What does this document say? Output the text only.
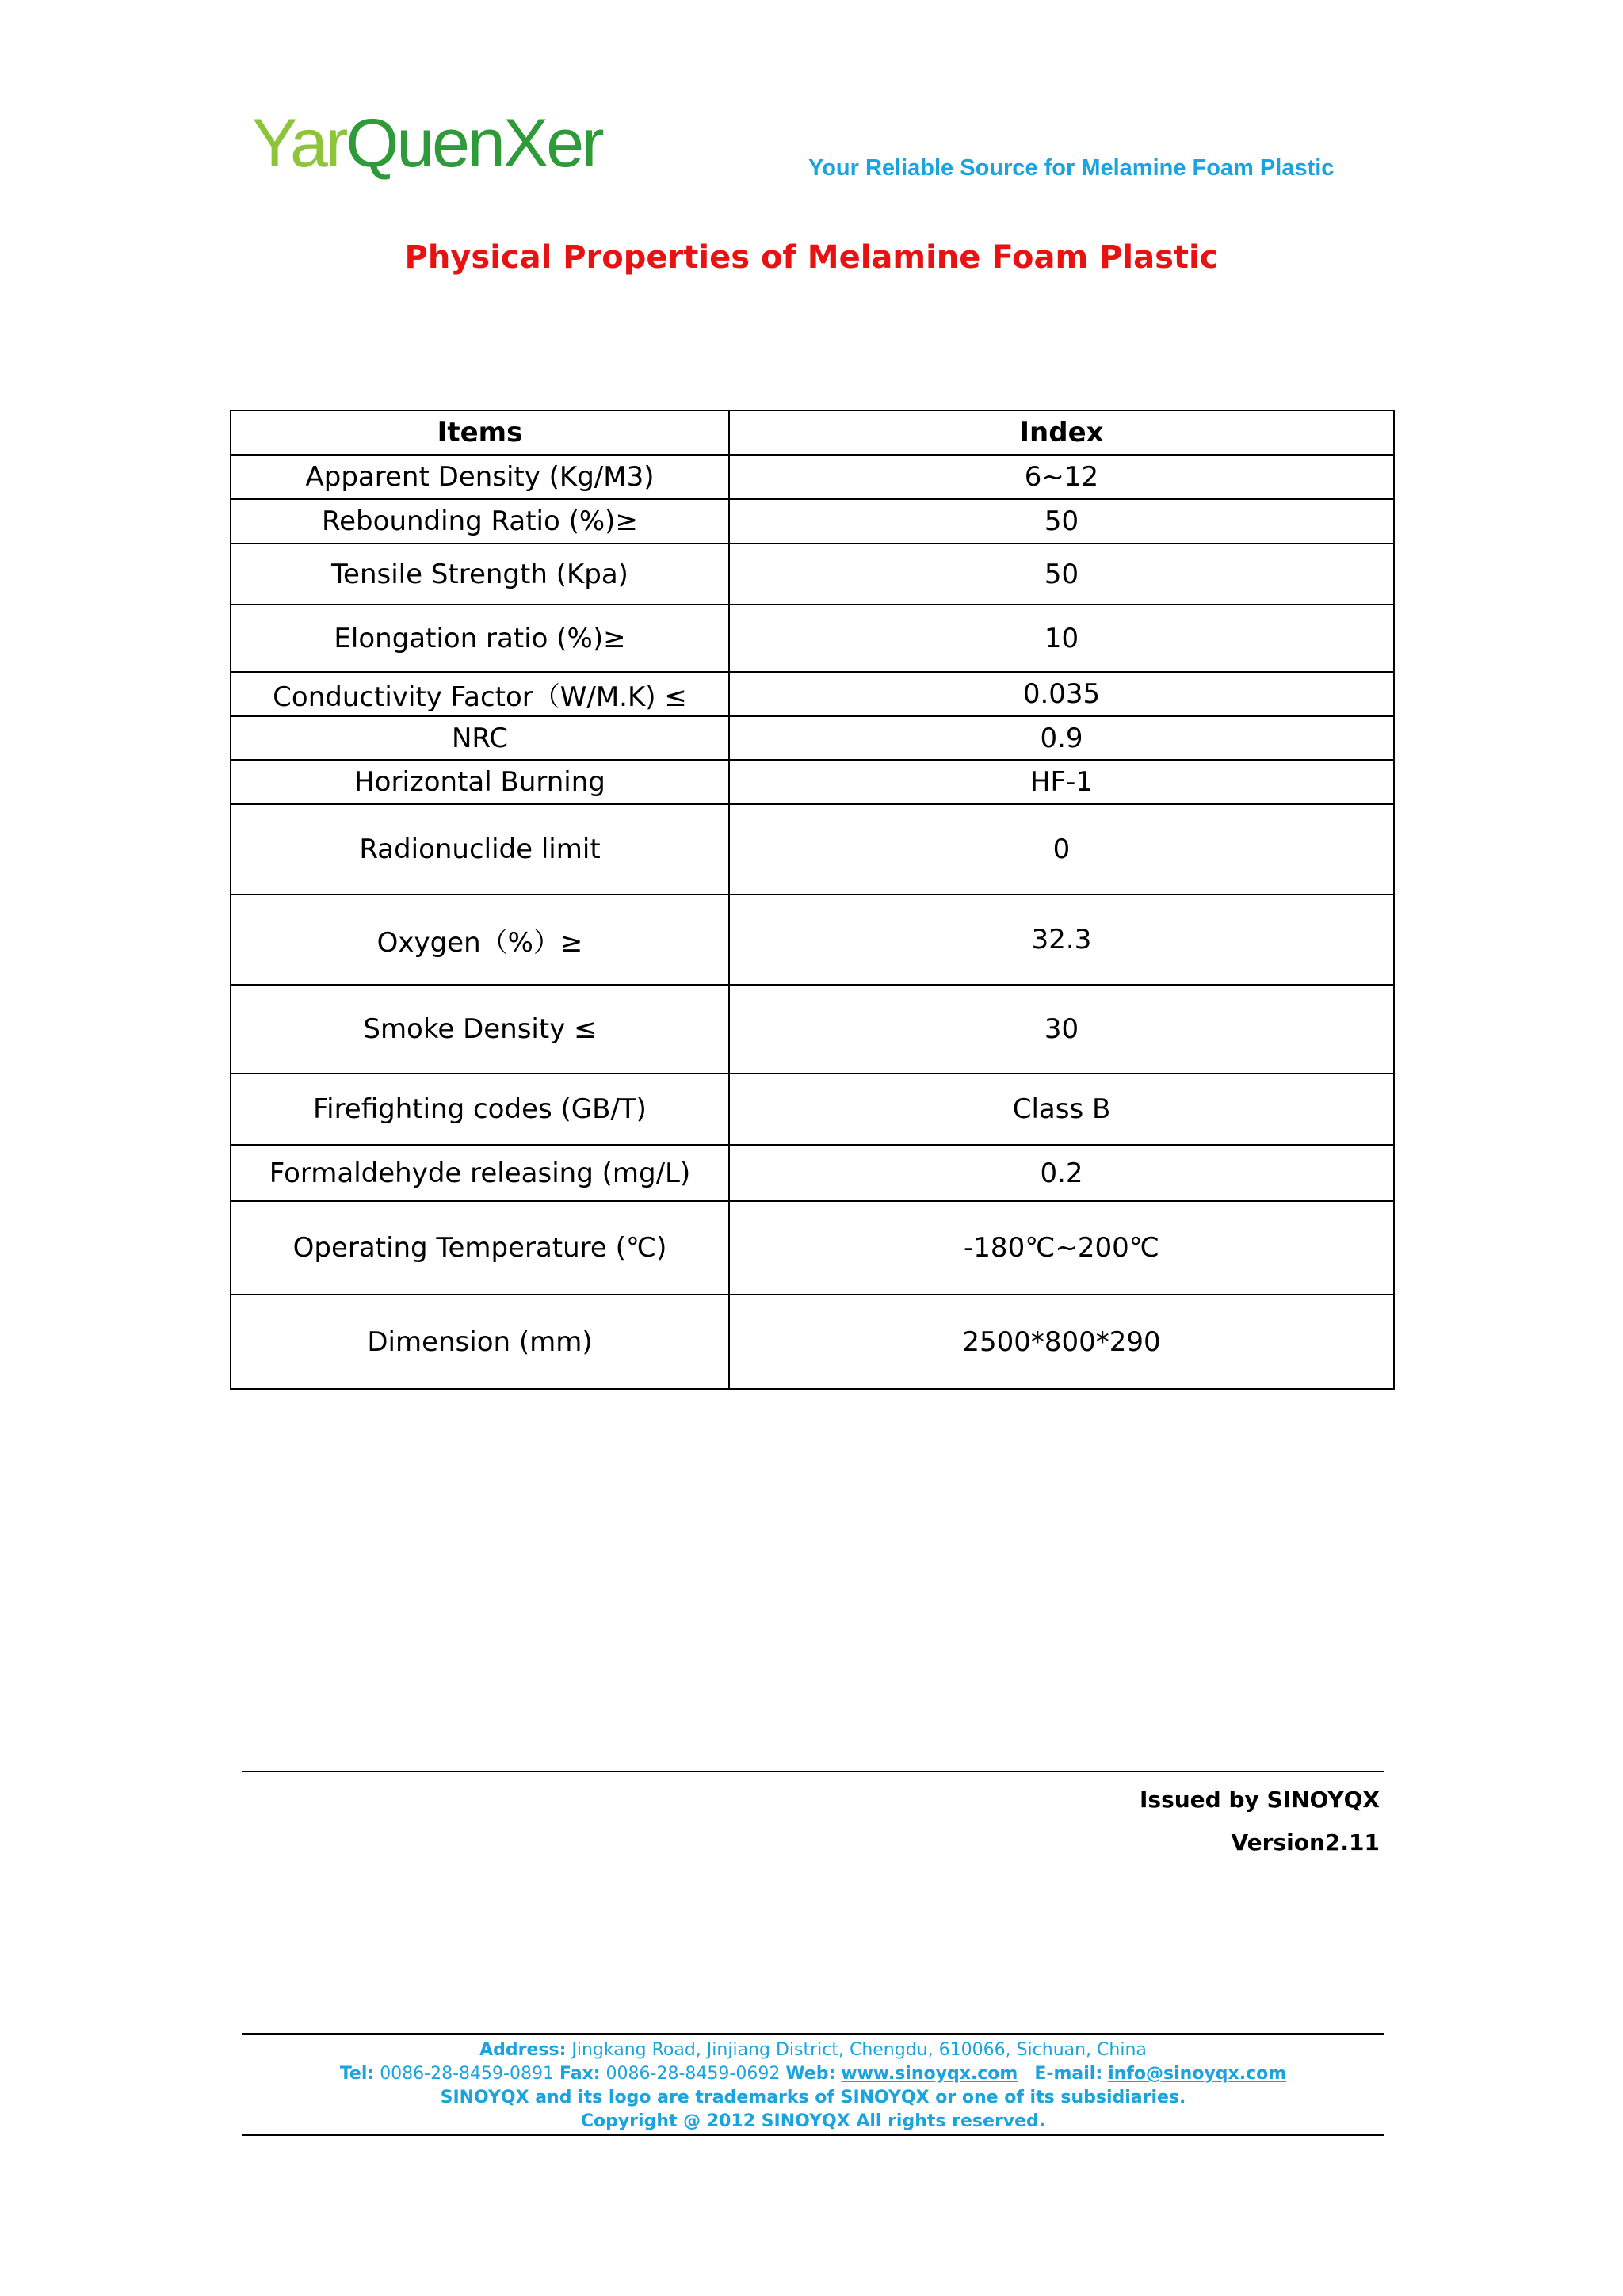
YarQuenXer	Your Reliable Source for Melamine Foam Plastic
Physical Properties of Melamine Foam Plastic
Items	Index
Apparent Density (Kg/M3)	6~12
Rebounding Ratio (%)≥	50
Tensile Strength (Kpa)	50
Elongation ratio (%)≥	10
Conductivity Factor（W/M.K) ≤	0.035
NRC	0.9
Horizontal Burning	HF-1
Radionuclide limit	0
Oxygen（%）≥	32.3
Smoke Density ≤	30
Firefighting codes (GB/T)	Class B
Formaldehyde releasing (mg/L)	0.2
Operating Temperature (℃)	-180℃~200℃
Dimension (mm)	2500*800*290
Issued by SINOYQX
Version2.11
Address: Jingkang Road, Jinjiang District, Chengdu, 610066, Sichuan, China
Tel: 0086-28-8459-0891 Fax: 0086-28-8459-0692 Web: www.sinoyqx.com E-mail: info@sinoyqx.com
SINOYQX and its logo are trademarks of SINOYQX or one of its subsidiaries.
Copyright @ 2012 SINOYQX All rights reserved.
